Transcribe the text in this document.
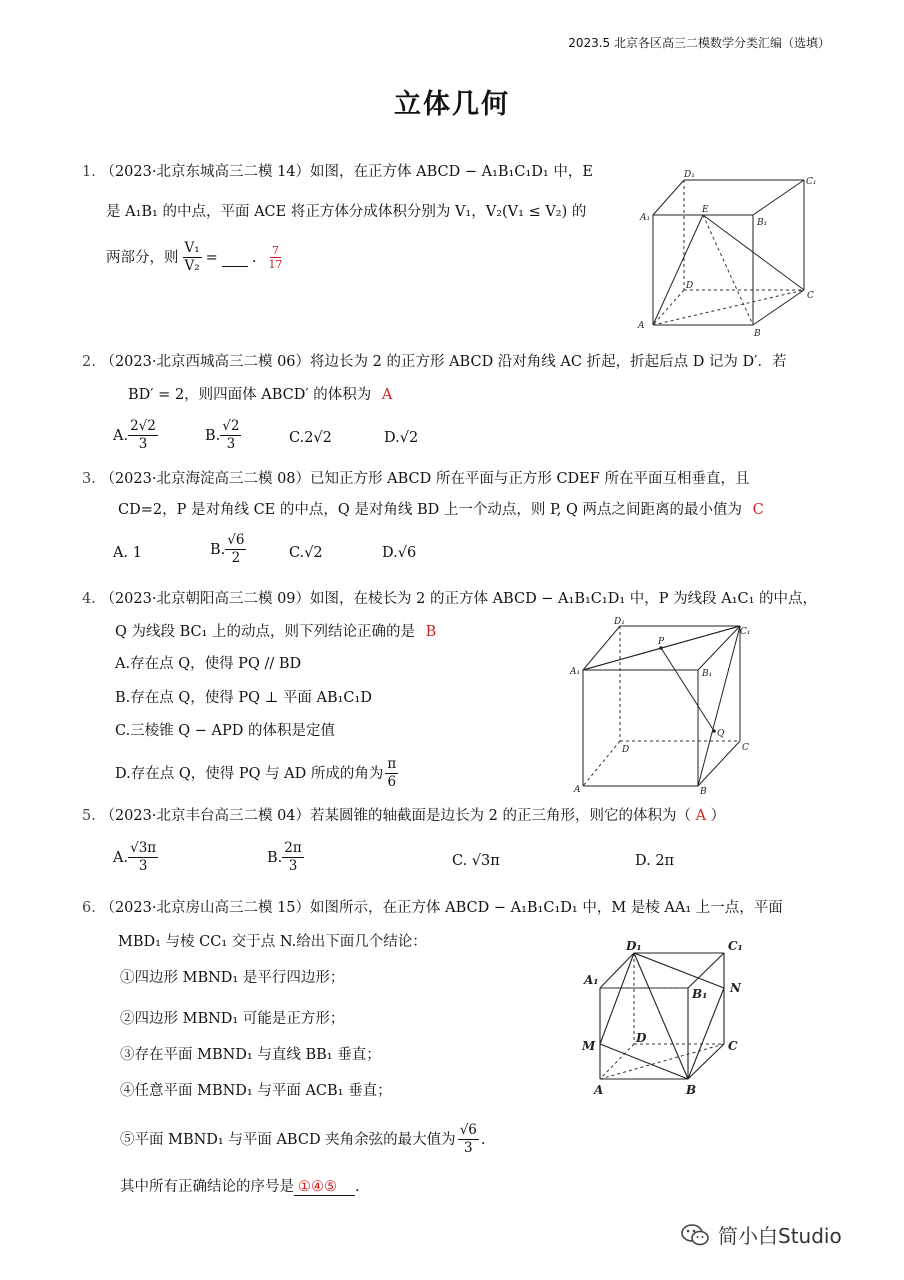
2023.5 北京各区高三二模数学分类汇编（选填）
立体几何
1. （2023·北京东城高三二模 14）如图，在正方体 ABCD − A₁B₁C₁D₁ 中，E
是 A₁B₁ 的中点，平面 ACE 将正方体分成体积分别为 V₁，V₂(V₁ ≤ V₂) 的
两部分，则 $\frac{\text{V₁}}{\text{V₂}}$ = . $\frac{7}{17}$
D₁
C₁
A₁
E
B₁
D
C
A
B
2. （2023·北京西城高三二模 06）将边长为 2 的正方形 ABCD 沿对角线 AC 折起，折起后点 D 记为 D′．若
BD′ = 2，则四面体 ABCD′ 的体积为 A
A. $\frac{2√2}{3}$	B. $\frac{√2}{3}$	C.2√2	D.√2
3. （2023·北京海淀高三二模 08）已知正方形 ABCD 所在平面与正方形 CDEF 所在平面互相垂直，且
CD=2，P 是对角线 CE 的中点，Q 是对角线 BD 上一个动点，则 P, Q 两点之间距离的最小值为 C
A. 1	B. $\frac{√6}{2}$	C.√2	D.√6
4. （2023·北京朝阳高三二模 09）如图，在棱长为 2 的正方体 ABCD − A₁B₁C₁D₁ 中，P 为线段 A₁C₁ 的中点，
Q 为线段 BC₁ 上的动点，则下列结论正确的是 B
A.存在点 Q，使得 PQ // BD
B.存在点 Q，使得 PQ ⊥ 平面 AB₁C₁D
C.三棱锥 Q − APD 的体积是定值
D.存在点 Q，使得 PQ 与 AD 所成的角为 $\frac{\pi}{6}$
D₁
P
C₁
A₁	B₁
Q
D	C
A	B
5. （2023·北京丰台高三二模 04）若某圆锥的轴截面是边长为 2 的正三角形，则它的体积为（ A ）
A. $\frac{√3\pi}{3}$	B. $\frac{2\pi}{3}$	C. √3π	D. 2π
6. （2023·北京房山高三二模 15）如图所示，在正方体 ABCD − A₁B₁C₁D₁ 中，M 是棱 AA₁ 上一点，平面
MBD₁ 与棱 CC₁ 交于点 N.给出下面几个结论：
①四边形 MBND₁ 是平行四边形；
②四边形 MBND₁ 可能是正方形；
③存在平面 MBND₁ 与直线 BB₁ 垂直；
④任意平面 MBND₁ 与平面 ACB₁ 垂直；
⑤平面 MBND₁ 与平面 ABCD 夹角余弦的最大值为 $\frac{√6}{3}$ .
其中所有正确结论的序号是 ①④⑤ .
D₁	C₁
A₁
B₁ N
M
D
C
A	B
简小白Studio
